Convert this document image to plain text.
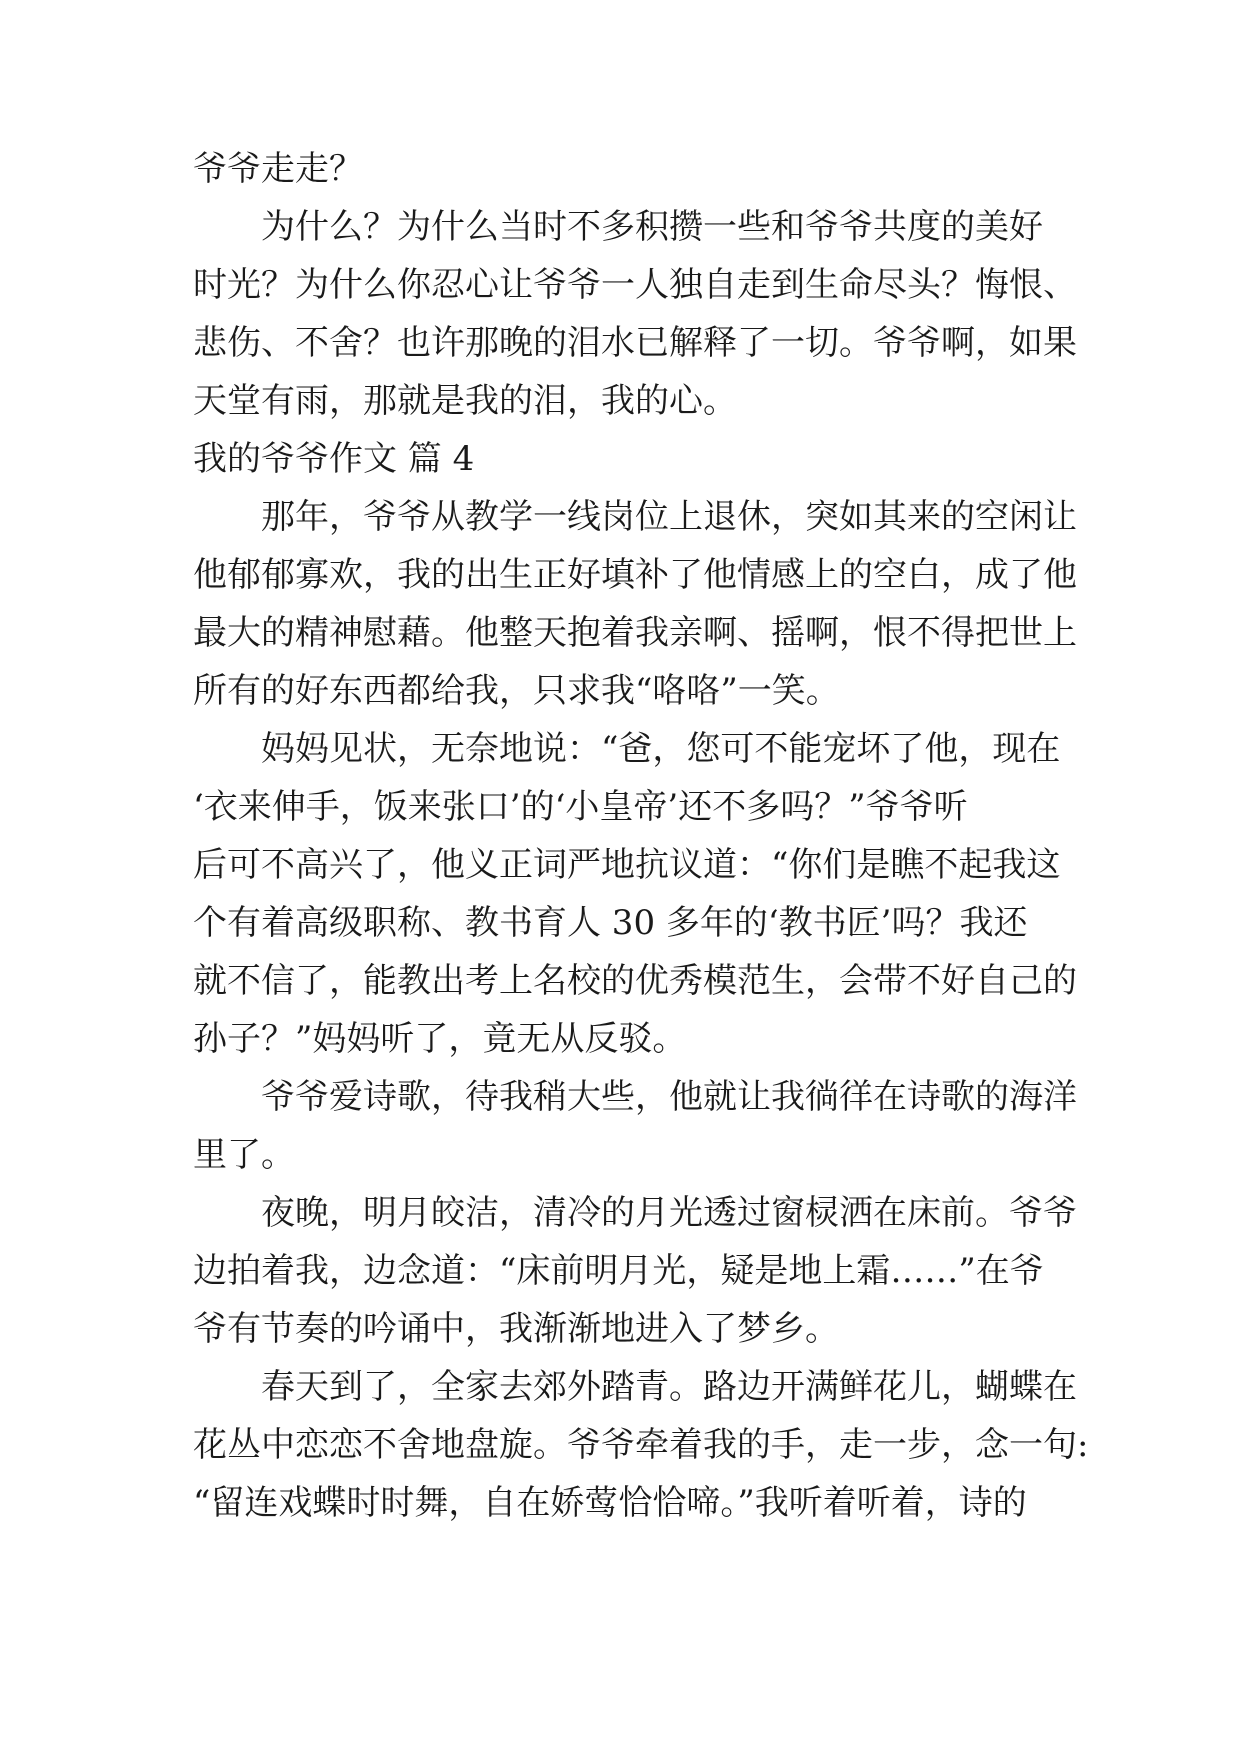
爷爷走走？
为什么？为什么当时不多积攒一些和爷爷共度的美好
时光？为什么你忍心让爷爷一人独自走到生命尽头？悔恨、
悲伤、不舍？也许那晚的泪水已解释了一切。爷爷啊，如果
天堂有雨，那就是我的泪，我的心。
我的爷爷作文 篇 4
那年，爷爷从教学一线岗位上退休，突如其来的空闲让
他郁郁寡欢，我的出生正好填补了他情感上的空白，成了他
最大的精神慰藉。他整天抱着我亲啊、摇啊，恨不得把世上
所有的好东西都给我，只求我“咯咯”一笑。
妈妈见状，无奈地说：“爸，您可不能宠坏了他，现在
‘衣来伸手，饭来张口’的‘小皇帝’还不多吗？”爷爷听
后可不高兴了，他义正词严地抗议道：“你们是瞧不起我这
个有着高级职称、教书育人 30 多年的‘教书匠’吗？我还
就不信了，能教出考上名校的优秀模范生，会带不好自己的
孙子？”妈妈听了，竟无从反驳。
爷爷爱诗歌，待我稍大些，他就让我徜徉在诗歌的海洋
里了。
夜晚，明月皎洁，清冷的月光透过窗棂洒在床前。爷爷
边拍着我，边念道：“床前明月光，疑是地上霜……”在爷
爷有节奏的吟诵中，我渐渐地进入了梦乡。
春天到了，全家去郊外踏青。路边开满鲜花儿，蝴蝶在
花丛中恋恋不舍地盘旋。爷爷牵着我的手，走一步，念一句:
“留连戏蝶时时舞，自在娇莺恰恰啼。”我听着听着，诗的
